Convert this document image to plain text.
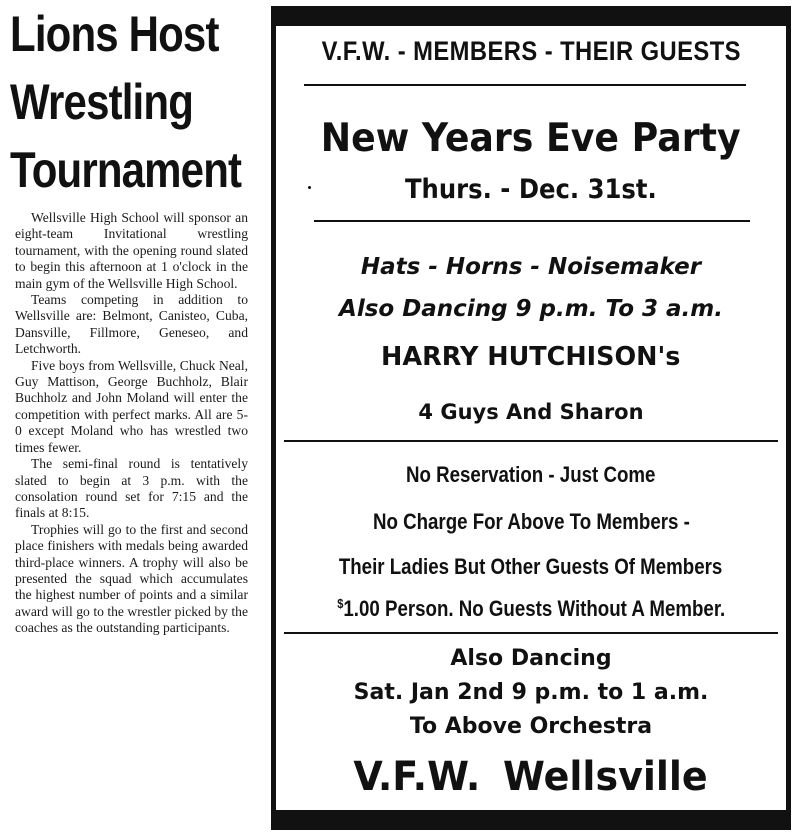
Lions Host
Wrestling
Tournament

Wellsville High School will sponsor an eight-team Invitational wrestling tournament, with the opening round slated to begin this afternoon at 1 o'clock in the main gym of the Wellsville High School.

Teams competing in addition to Wellsville are: Belmont, Canisteo, Cuba, Dansville, Fillmore, Geneseo, and Letchworth.

Five boys from Wellsville, Chuck Neal, Guy Mattison, George Buchholz, Blair Buchholz and John Moland will enter the competition with perfect marks. All are 5-0 except Moland who has wrestled two times fewer.

The semi-final round is tentatively slated to begin at 3 p.m. with the consolation round set for 7:15 and the finals at 8:15.

Trophies will go to the first and second place finishers with medals being awarded third-place winners. A trophy will also be presented the squad which accumulates the highest number of points and a similar award will go to the wrestler picked by the coaches as the outstanding participants.

V.F.W. - MEMBERS - THEIR GUESTS
New Years Eve Party
Thurs. - Dec. 31st.
Hats - Horns - Noisemaker
Also Dancing 9 p.m. To 3 a.m.
HARRY HUTCHISON's
4 Guys And Sharon
No Reservation - Just Come
No Charge For Above To Members -
Their Ladies But Other Guests Of Members
$1.00 Person. No Guests Without A Member.
Also Dancing
Sat. Jan 2nd 9 p.m. to 1 a.m.
To Above Orchestra
V.F.W. Wellsville
